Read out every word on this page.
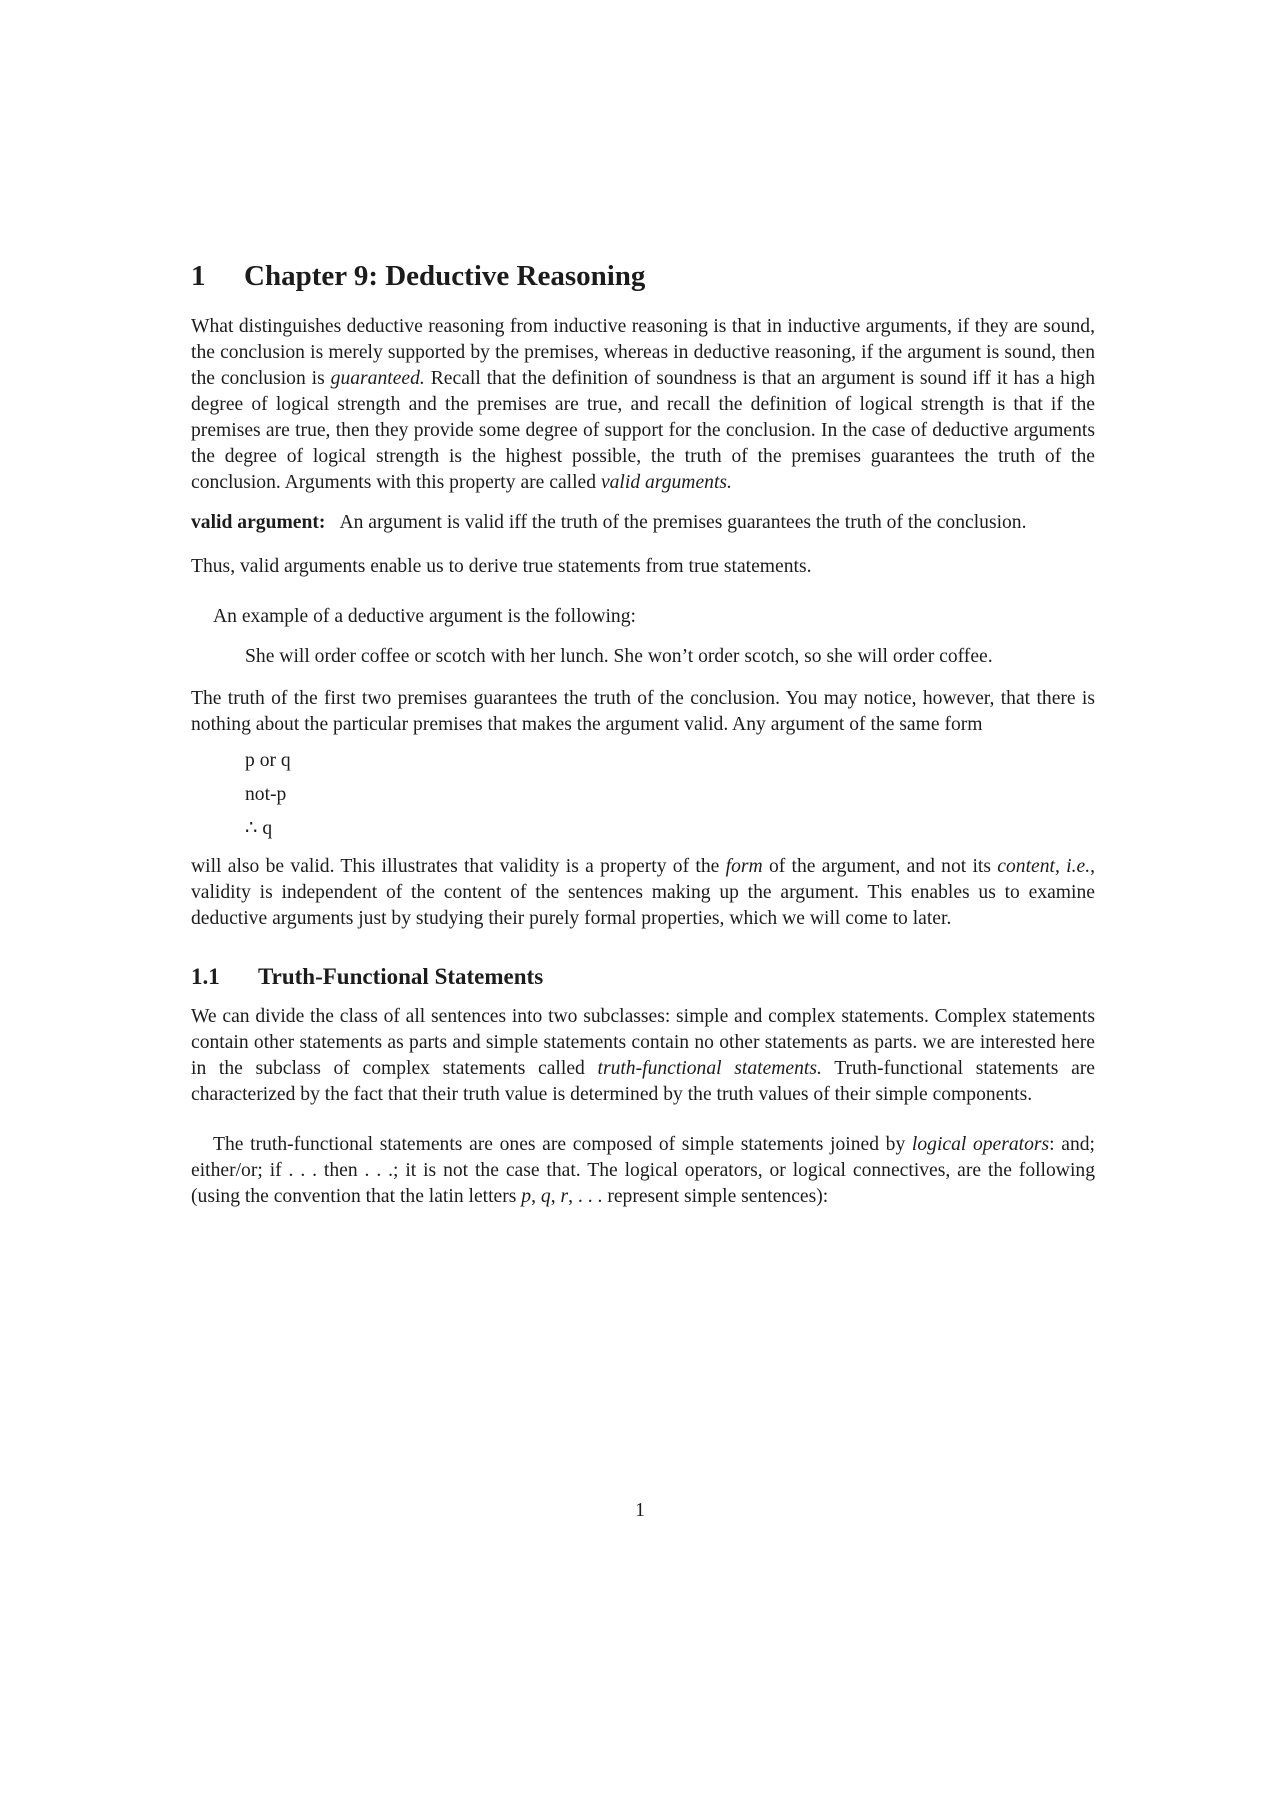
1	Chapter 9: Deductive Reasoning

What distinguishes deductive reasoning from inductive reasoning is that in inductive arguments, if they are sound, the conclusion is merely supported by the premises, whereas in deductive reasoning, if the argument is sound, then the conclusion is guaranteed. Recall that the definition of soundness is that an argument is sound iff it has a high degree of logical strength and the premises are true, and recall the definition of logical strength is that if the premises are true, then they provide some degree of support for the conclusion. In the case of deductive arguments the degree of logical strength is the highest possible, the truth of the premises guarantees the truth of the conclusion. Arguments with this property are called valid arguments.

valid argument: An argument is valid iff the truth of the premises guarantees the truth of the conclusion.

Thus, valid arguments enable us to derive true statements from true statements.

An example of a deductive argument is the following:

She will order coffee or scotch with her lunch. She won’t order scotch, so she will order coffee.

The truth of the first two premises guarantees the truth of the conclusion. You may notice, however, that there is nothing about the particular premises that makes the argument valid. Any argument of the same form

p or q
not-p
∴ q

will also be valid. This illustrates that validity is a property of the form of the argument, and not its content, i.e., validity is independent of the content of the sentences making up the argument. This enables us to examine deductive arguments just by studying their purely formal properties, which we will come to later.

1.1	Truth-Functional Statements

We can divide the class of all sentences into two subclasses: simple and complex statements. Complex statements contain other statements as parts and simple statements contain no other statements as parts. we are interested here in the subclass of complex statements called truth-functional statements. Truth-functional statements are characterized by the fact that their truth value is determined by the truth values of their simple components.

The truth-functional statements are ones are composed of simple statements joined by logical operators: and; either/or; if . . . then . . .; it is not the case that. The logical operators, or logical connectives, are the following (using the convention that the latin letters p, q, r, . . . represent simple sentences):

1
